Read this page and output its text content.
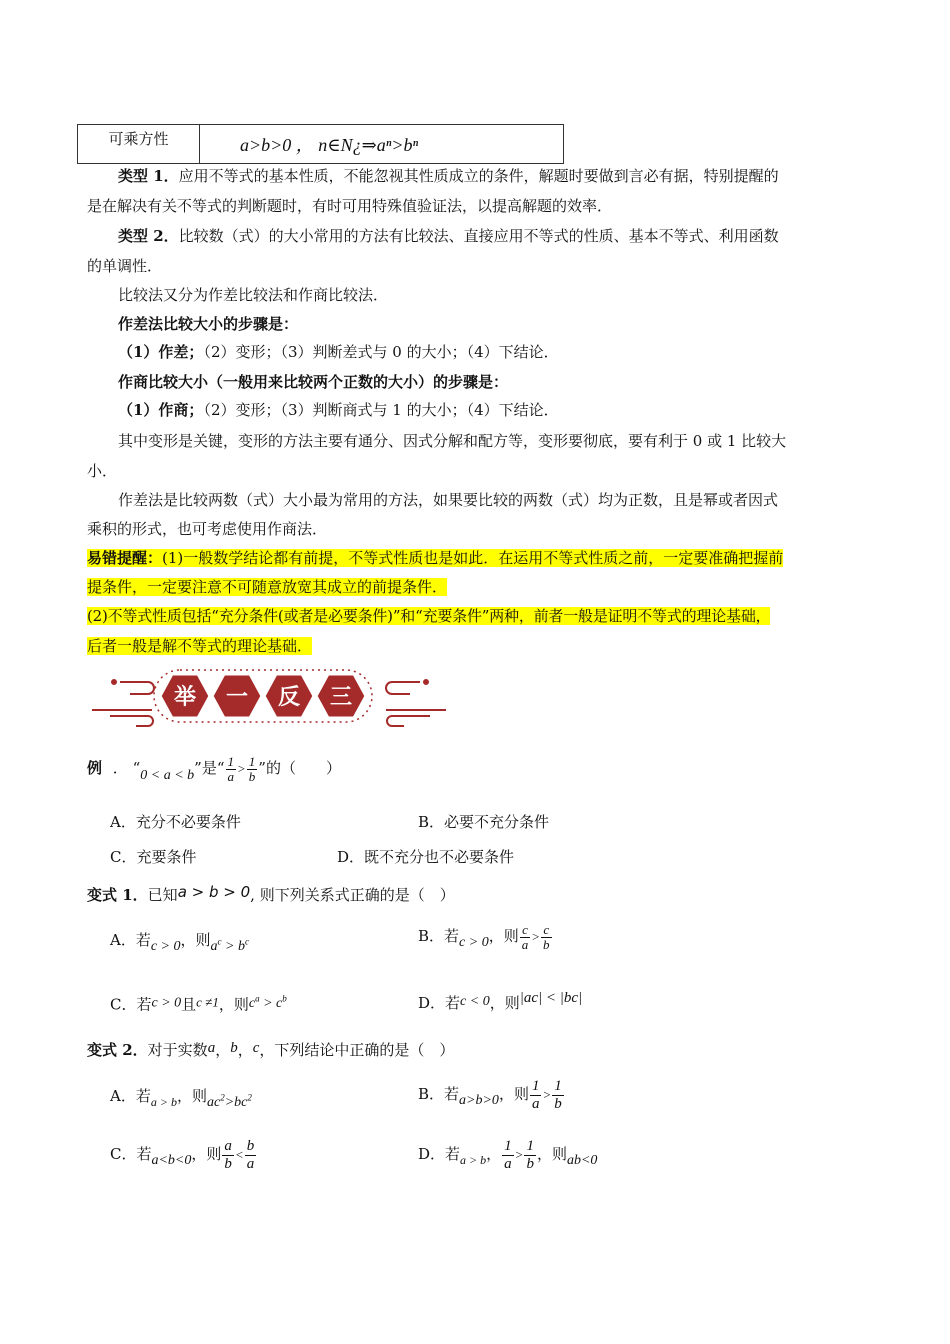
可乘方性	a>b>0 ， n∈N¿⇒aⁿ>bⁿ
类型 1．应用不等式的基本性质，不能忽视其性质成立的条件，解题时要做到言必有据，特别提醒的
是在解决有关不等式的判断题时，有时可用特殊值验证法，以提高解题的效率．
类型 2．比较数（式）的大小常用的方法有比较法、直接应用不等式的性质、基本不等式、利用函数
的单调性．
比较法又分为作差比较法和作商比较法．
作差法比较大小的步骤是：
（1）作差；（2）变形；（3）判断差式与 0 的大小；（4）下结论．
作商比较大小（一般用来比较两个正数的大小）的步骤是：
（1）作商；（2）变形；（3）判断商式与 1 的大小；（4）下结论．
其中变形是关键，变形的方法主要有通分、因式分解和配方等，变形要彻底，要有利于 0 或 1 比较大
小．
作差法是比较两数（式）大小最为常用的方法，如果要比较的两数（式）均为正数，且是幂或者因式
乘积的形式，也可考虑使用作商法．
易错提醒：(1)一般数学结论都有前提，不等式性质也是如此．在运用不等式性质之前，一定要准确把握前
提条件，一定要注意不可随意放宽其成立的前提条件．
(2)不等式性质包括“充分条件(或者是必要条件)”和“充要条件”两种，前者一般是证明不等式的理论基础，
后者一般是解不等式的理论基础．
举 一 反 三
例 ． “0 < a < b”是“ $\frac{1}{a} > \frac{1}{b}$ ”的（　　）
A．充分不必要条件	B．必要不充分条件
C．充要条件	D．既不充分也不必要条件
变式 1．已知a > b > 0, 则下列关系式正确的是（　）
A．若c > 0，则$a^c > b^c$	B．若c > 0，则 $\frac{c}{a} > \frac{c}{b}$
C．若c > 0且c ≠1，则$c^a > c^b$	D．若c < 0，则|ac| < |bc|
变式 2．对于实数a，b，c，下列结论中正确的是（　）
A．若$_{a > b}$，则$ac^2>bc^2$	B．若a>b>0，则 $\frac{1}{a} > \frac{1}{b}$
C．若a<b<0，则 $\frac{a}{b} < \frac{b}{a}$	D．若$_{a > b}$， $\frac{1}{a} > \frac{1}{b}$ ，则ab<0
